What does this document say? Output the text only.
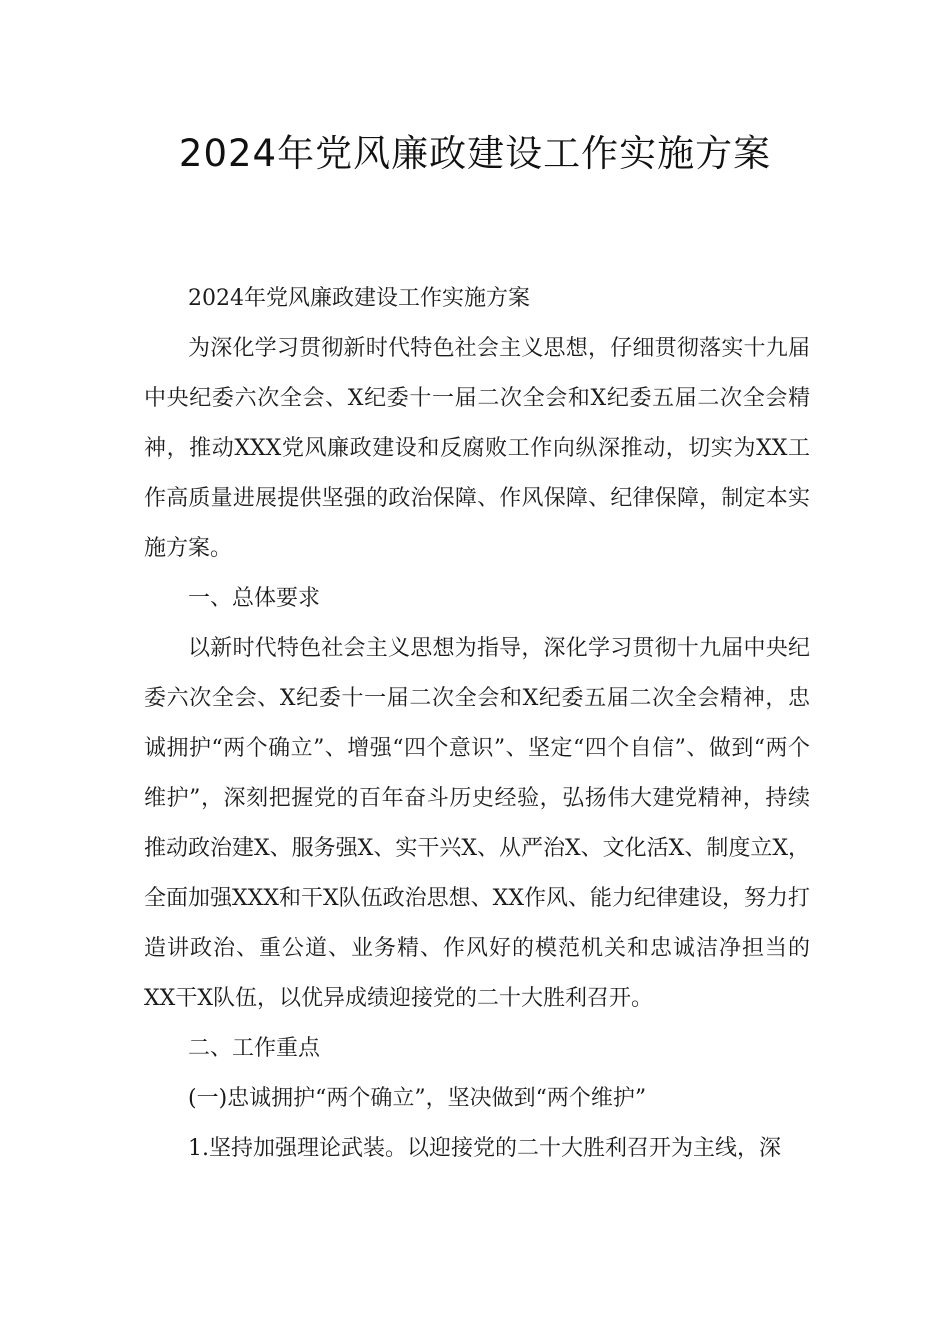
2024年党风廉政建设工作实施方案

2024年党风廉政建设工作实施方案

为深化学习贯彻新时代特色社会主义思想，仔细贯彻落实十九届中央纪委六次全会、X纪委十一届二次全会和X纪委五届二次全会精神，推动XXX党风廉政建设和反腐败工作向纵深推动，切实为XX工作高质量进展提供坚强的政治保障、作风保障、纪律保障，制定本实施方案。

一、总体要求

以新时代特色社会主义思想为指导，深化学习贯彻十九届中央纪委六次全会、X纪委十一届二次全会和X纪委五届二次全会精神，忠诚拥护“两个确立”、增强“四个意识”、坚定“四个自信”、做到“两个维护”，深刻把握党的百年奋斗历史经验，弘扬伟大建党精神，持续推动政治建X、服务强X、实干兴X、从严治X、文化活X、制度立X，全面加强XXX和干X队伍政治思想、XX作风、能力纪律建设，努力打造讲政治、重公道、业务精、作风好的模范机关和忠诚洁净担当的XX干X队伍，以优异成绩迎接党的二十大胜利召开。

二、工作重点

(一)忠诚拥护“两个确立”，坚决做到“两个维护”

1.坚持加强理论武装。以迎接党的二十大胜利召开为主线，深
